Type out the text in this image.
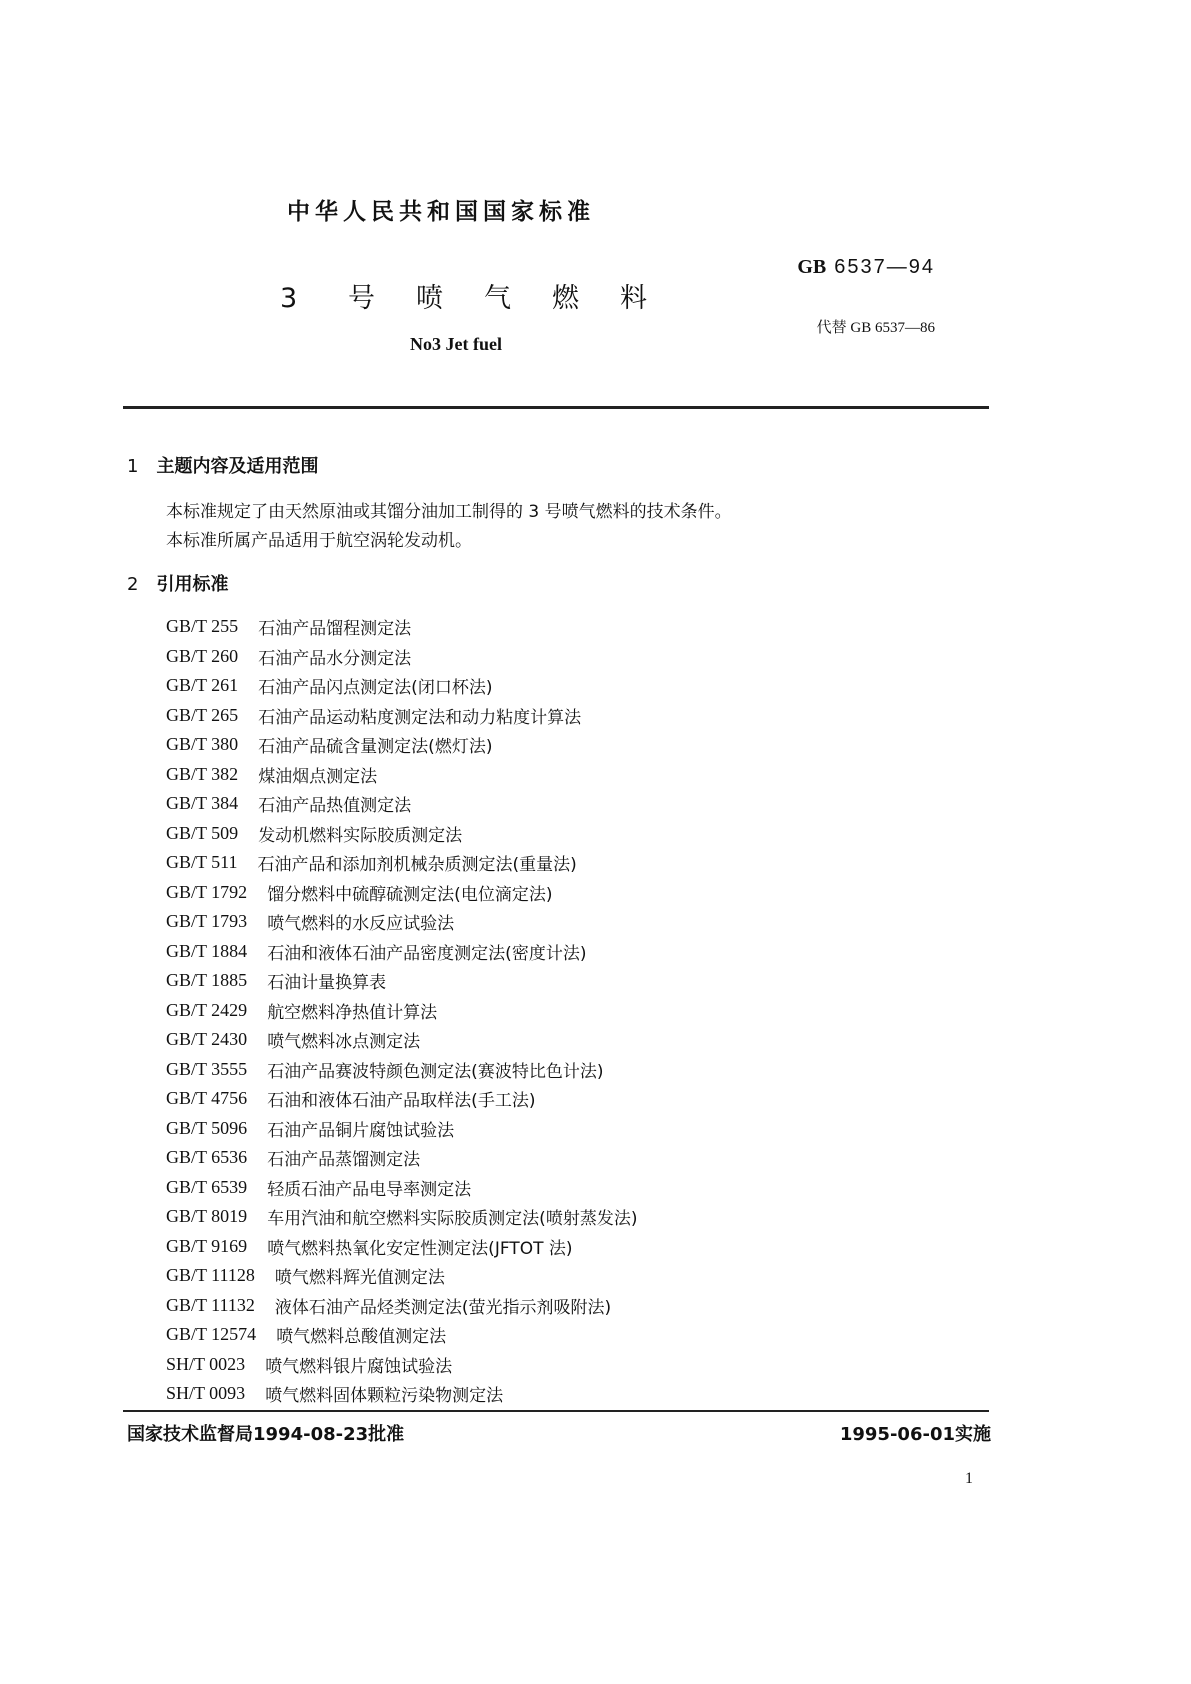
中华人民共和国国家标准
3 号 喷 气 燃 料
No3 Jet fuel
GB 6537—94
代替 GB 6537—86
1 主题内容及适用范围
本标准规定了由天然原油或其馏分油加工制得的 3 号喷气燃料的技术条件。
本标准所属产品适用于航空涡轮发动机。
2 引用标准
GB/T 255 石油产品馏程测定法
GB/T 260 石油产品水分测定法
GB/T 261 石油产品闪点测定法(闭口杯法)
GB/T 265 石油产品运动粘度测定法和动力粘度计算法
GB/T 380 石油产品硫含量测定法(燃灯法)
GB/T 382 煤油烟点测定法
GB/T 384 石油产品热值测定法
GB/T 509 发动机燃料实际胶质测定法
GB/T 511 石油产品和添加剂机械杂质测定法(重量法)
GB/T 1792 馏分燃料中硫醇硫测定法(电位滴定法)
GB/T 1793 喷气燃料的水反应试验法
GB/T 1884 石油和液体石油产品密度测定法(密度计法)
GB/T 1885 石油计量换算表
GB/T 2429 航空燃料净热值计算法
GB/T 2430 喷气燃料冰点测定法
GB/T 3555 石油产品赛波特颜色测定法(赛波特比色计法)
GB/T 4756 石油和液体石油产品取样法(手工法)
GB/T 5096 石油产品铜片腐蚀试验法
GB/T 6536 石油产品蒸馏测定法
GB/T 6539 轻质石油产品电导率测定法
GB/T 8019 车用汽油和航空燃料实际胶质测定法(喷射蒸发法)
GB/T 9169 喷气燃料热氧化安定性测定法(JFTOT 法)
GB/T 11128 喷气燃料辉光值测定法
GB/T 11132 液体石油产品烃类测定法(萤光指示剂吸附法)
GB/T 12574 喷气燃料总酸值测定法
SH/T 0023 喷气燃料银片腐蚀试验法
SH/T 0093 喷气燃料固体颗粒污染物测定法
国家技术监督局1994-08-23批准	1995-06-01实施
1
